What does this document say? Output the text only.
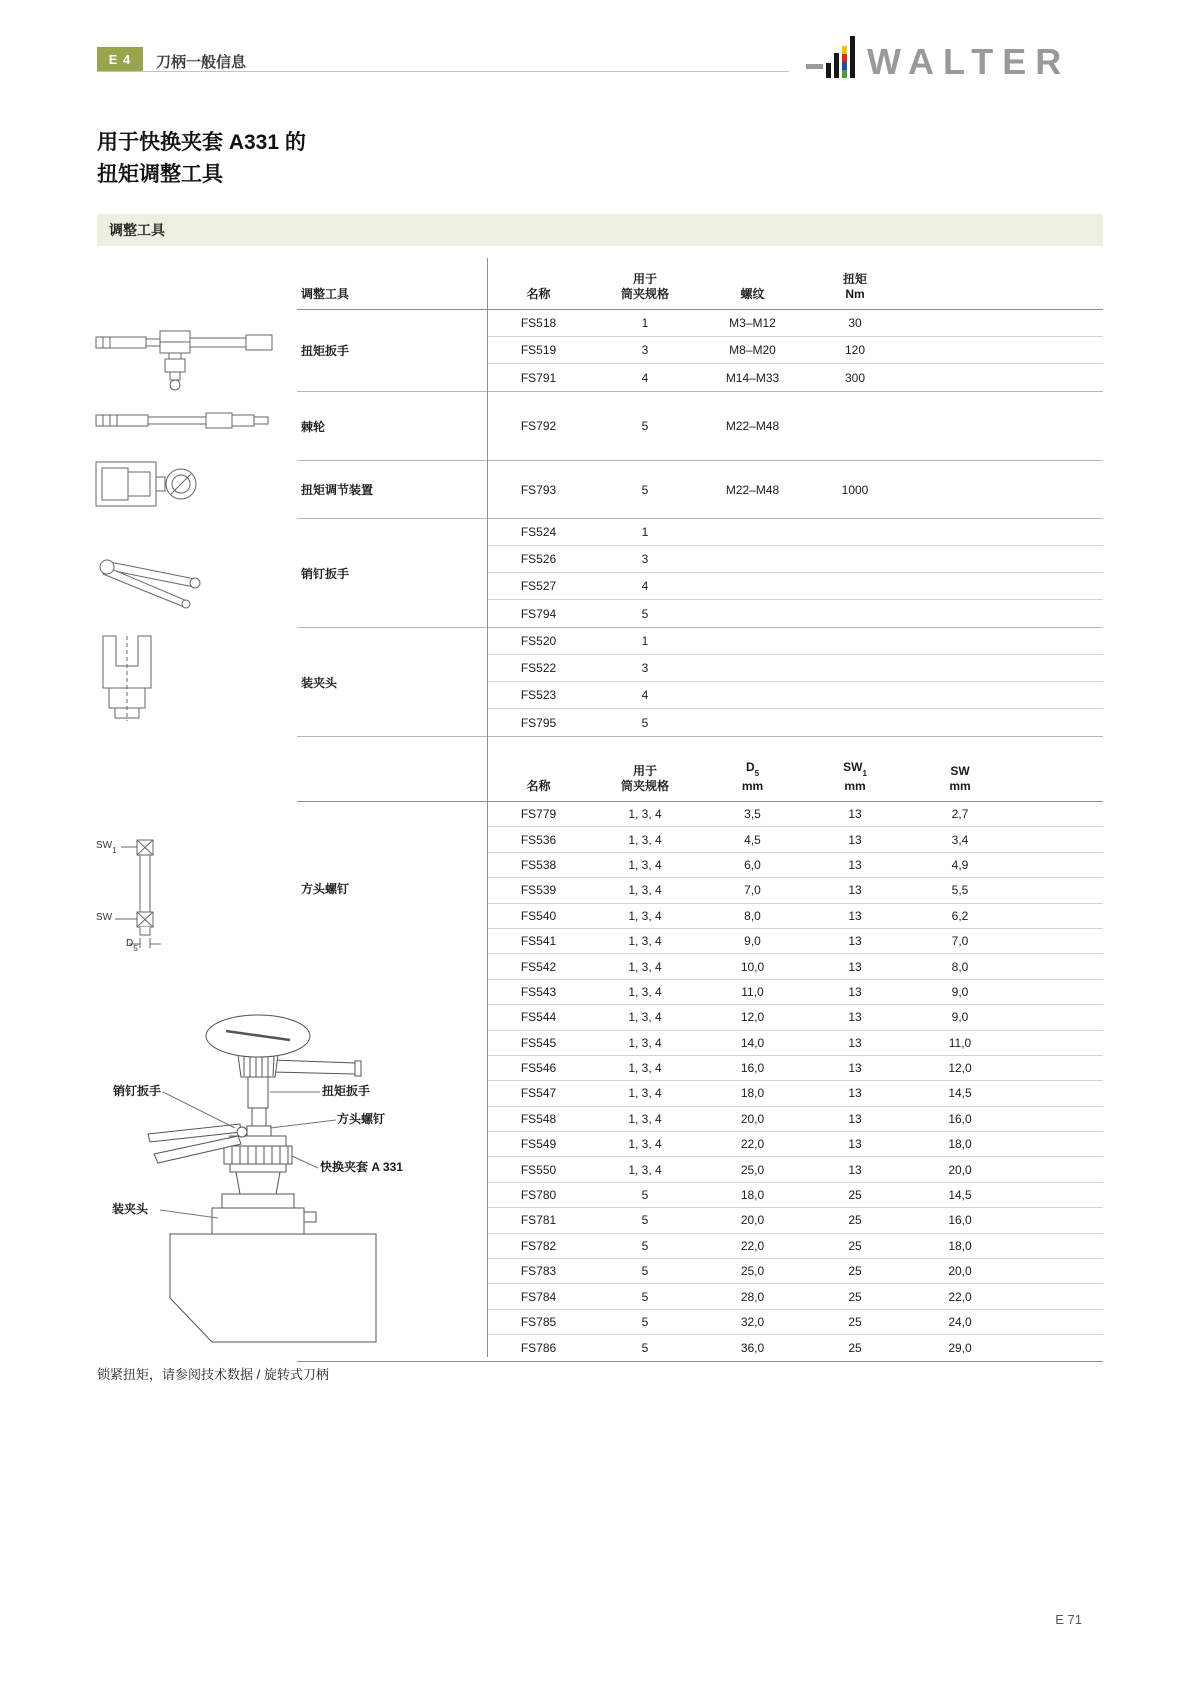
E 4	刀柄一般信息	WALTER
用于快换夹套 A331 的
扭矩调整工具
调整工具
$SW_1$
SW
$D_5$
销钉扳手	扭矩扳手
方头螺钉
快换夹套 A 331
装夹头
调整工具	名称
用于
筒夹规格	螺纹
扭矩
Nm
扭矩扳手
FS518	1	M3–M12	30
FS519	3	M8–M20	120
FS791	4	M14–M33	300
棘轮	FS792	5	M22–M48
扭矩调节装置	FS793	5	M22–M48	1000
销钉扳手
FS524	1
FS526	3
FS527	4
FS794	5
装夹头
FS520	1
FS522	3
FS523	4
FS795	5
名称
用于
筒夹规格
$D_5$
mm
$SW_1$
mm
SW
mm
FS779	1, 3, 4	3,5	13	2,7
FS536	1, 3, 4	4,5	13	3,4
FS538	1, 3, 4	6,0	13	4,9
FS539	1, 3, 4	7,0	13	5,5
FS540	1, 3, 4	8,0	13	6,2
FS541	1, 3, 4	9,0	13	7,0
FS542	1, 3, 4	10,0	13	8,0
FS543	1, 3, 4	11,0	13	9,0
FS544	1, 3, 4	12,0	13	9,0
FS545	1, 3, 4	14,0	13	11,0
FS546	1, 3, 4	16,0	13	12,0
FS547	1, 3, 4	18,0	13	14,5
FS548	1, 3, 4	20,0	13	16,0
FS549	1, 3, 4	22,0	13	18,0
FS550	1, 3, 4	25,0	13	20,0
FS780	5	18,0	25	14,5
FS781	5	20,0	25	16,0
FS782	5	22,0	25	18,0
FS783	5	25,0	25	20,0
FS784	5	28,0	25	22,0
FS785	5	32,0	25	24,0
FS786	5	36,0	25	29,0
方头螺钉
锁紧扭矩，请参阅技术数据 / 旋转式刀柄
E 71
